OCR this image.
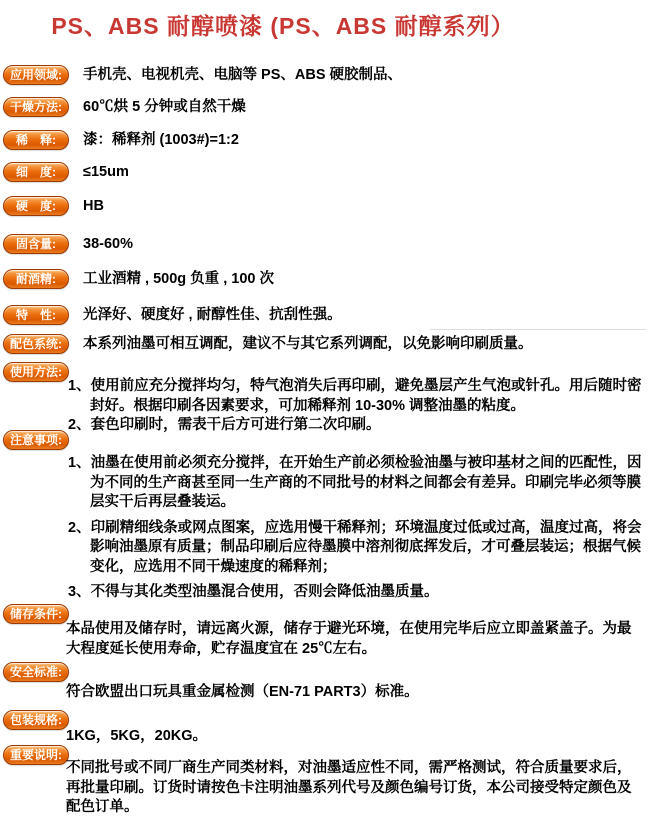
PS、ABS 耐醇喷漆 (PS、ABS 耐醇系列）
应用领域:	手机壳、电视机壳、电脑等 PS、ABS 硬胶制品、
干燥方法:	60℃烘 5 分钟或自然干燥
稀　释:	漆：稀释剂 (1003#)=1:2
细　度:	≤15um
硬　度:	HB
固含量:	38-60%
耐酒精:	工业酒精 , 500g 负重 , 100 次
特　性:	光泽好、硬度好 , 耐醇性佳、抗刮性强。
配色系统:	本系列油墨可相互调配，建议不与其它系列调配，以免影响印刷质量。
使用方法:

1、使用前应充分搅拌均匀，特气泡消失后再印刷，避免墨层产生气泡或针孔。用后随时密封好。根据印刷各因素要求，可加稀释剂 10-30% 调整油墨的粘度。

2、套色印刷时，需表干后方可进行第二次印刷。

注意事项:

1、油墨在使用前必须充分搅拌，在开始生产前必须检验油墨与被印基材之间的匹配性，因为不同的生产商甚至同一生产商的不同批号的材料之间都会有差异。印刷完毕必须等膜层实干后再层叠装运。

2、印刷精细线条或网点图案，应选用慢干稀释剂；环境温度过低或过高，温度过高，将会影响油墨原有质量；制品印刷后应待墨膜中溶剂彻底挥发后，才可叠层装运；根据气候变化，应选用不同干燥速度的稀释剂；

3、不得与其化类型油墨混合使用，否则会降低油墨质量。

储存条件:

本品使用及储存时，请远离火源，储存于避光环境，在使用完毕后应立即盖紧盖子。为最大程度延长使用寿命，贮存温度宜在 25℃左右。

安全标准:

符合欧盟出口玩具重金属检测（EN-71 PART3）标准。

包装规格:

1KG，5KG，20KG。

重要说明:

不同批号或不同厂商生产同类材料，对油墨适应性不同，需严格测试，符合质量要求后，再批量印刷。订货时请按色卡注明油墨系列代号及颜色编号订货，本公司接受特定颜色及配色订单。
